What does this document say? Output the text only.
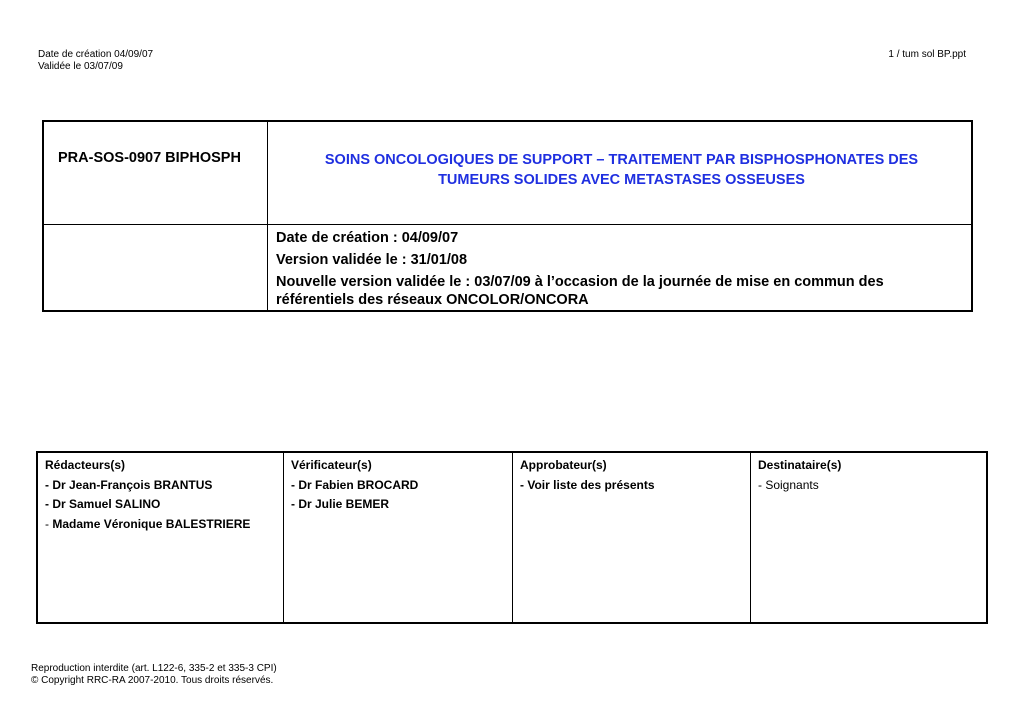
Date de création 04/09/07
Validée le 03/07/09
1 / tum sol BP.ppt
PRA-SOS-0907 BIPHOSPH	SOINS ONCOLOGIQUES DE SUPPORT – TRAITEMENT PAR BISPHOSPHONATES DES
TUMEURS SOLIDES AVEC METASTASES OSSEUSES
Date de création : 04/09/07
Version validée le : 31/01/08
Nouvelle version validée le : 03/07/09 à l’occasion de la journée de mise en commun des
référentiels des réseaux ONCOLOR/ONCORA
Rédacteurs(s)
- Dr Jean-François BRANTUS
- Dr Samuel SALINO
- Madame Véronique BALESTRIERE
Vérificateur(s)
- Dr Fabien BROCARD
- Dr Julie BEMER
Approbateur(s)
- Voir liste des présents
Destinataire(s)
- Soignants
Reproduction interdite (art. L122-6, 335-2 et 335-3 CPI)
© Copyright RRC-RA 2007-2010. Tous droits réservés.
